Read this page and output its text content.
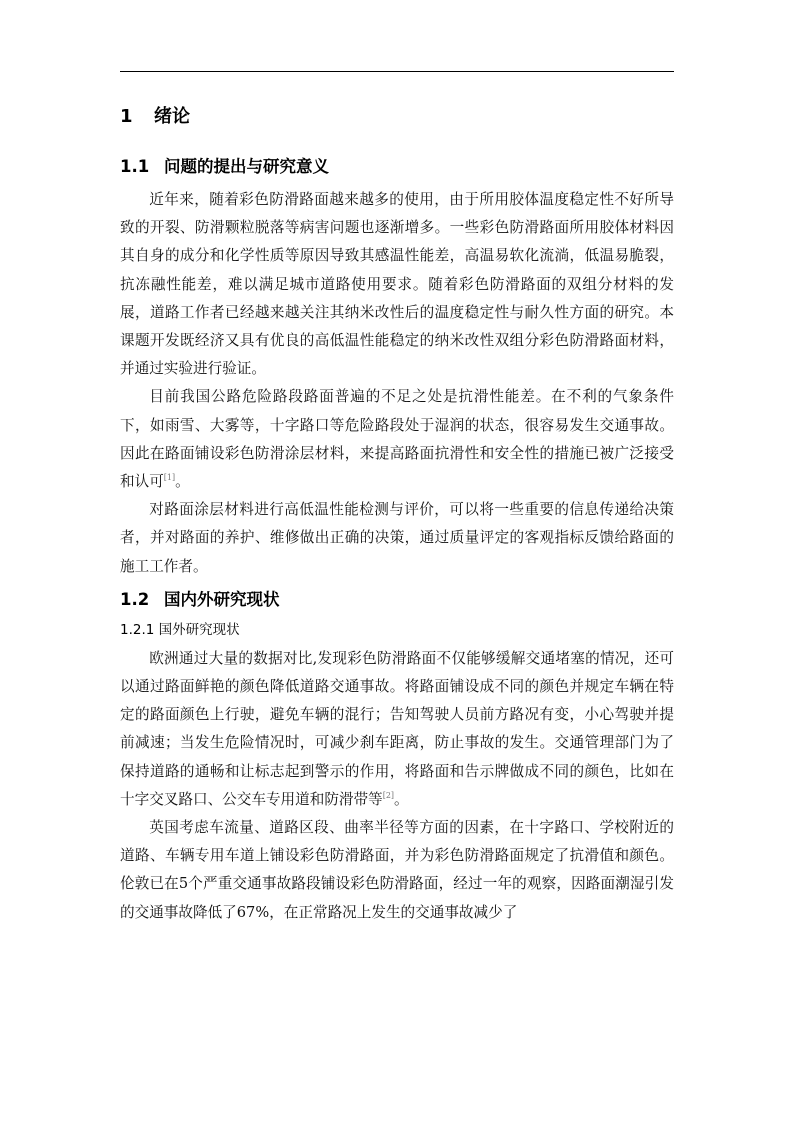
1 绪论
1.1 问题的提出与研究意义

近年来，随着彩色防滑路面越来越多的使用，由于所用胶体温度稳定性不好所导致的开裂、防滑颗粒脱落等病害问题也逐渐增多。一些彩色防滑路面所用胶体材料因其自身的成分和化学性质等原因导致其感温性能差，高温易软化流淌，低温易脆裂，抗冻融性能差，难以满足城市道路使用要求。随着彩色防滑路面的双组分材料的发展，道路工作者已经越来越关注其纳米改性后的温度稳定性与耐久性方面的研究。本课题开发既经济又具有优良的高低温性能稳定的纳米改性双组分彩色防滑路面材料，并通过实验进行验证。

目前我国公路危险路段路面普遍的不足之处是抗滑性能差。在不利的气象条件下，如雨雪、大雾等，十字路口等危险路段处于湿润的状态，很容易发生交通事故。因此在路面铺设彩色防滑涂层材料，来提高路面抗滑性和安全性的措施已被广泛接受和认可[1]。

对路面涂层材料进行高低温性能检测与评价，可以将一些重要的信息传递给决策者，并对路面的养护、维修做出正确的决策，通过质量评定的客观指标反馈给路面的施工工作者。

1.2 国内外研究现状
1.2.1 国外研究现状

欧洲通过大量的数据对比,发现彩色防滑路面不仅能够缓解交通堵塞的情况，还可以通过路面鲜艳的颜色降低道路交通事故。将路面铺设成不同的颜色并规定车辆在特定的路面颜色上行驶，避免车辆的混行；告知驾驶人员前方路况有变，小心驾驶并提前减速；当发生危险情况时，可减少刹车距离，防止事故的发生。交通管理部门为了保持道路的通畅和让标志起到警示的作用，将路面和告示牌做成不同的颜色，比如在十字交叉路口、公交车专用道和防滑带等[2]。

英国考虑车流量、道路区段、曲率半径等方面的因素，在十字路口、学校附近的道路、车辆专用车道上铺设彩色防滑路面，并为彩色防滑路面规定了抗滑值和颜色。伦敦已在5个严重交通事故路段铺设彩色防滑路面，经过一年的观察，因路面潮湿引发的交通事故降低了67%，在正常路况上发生的交通事故减少了
